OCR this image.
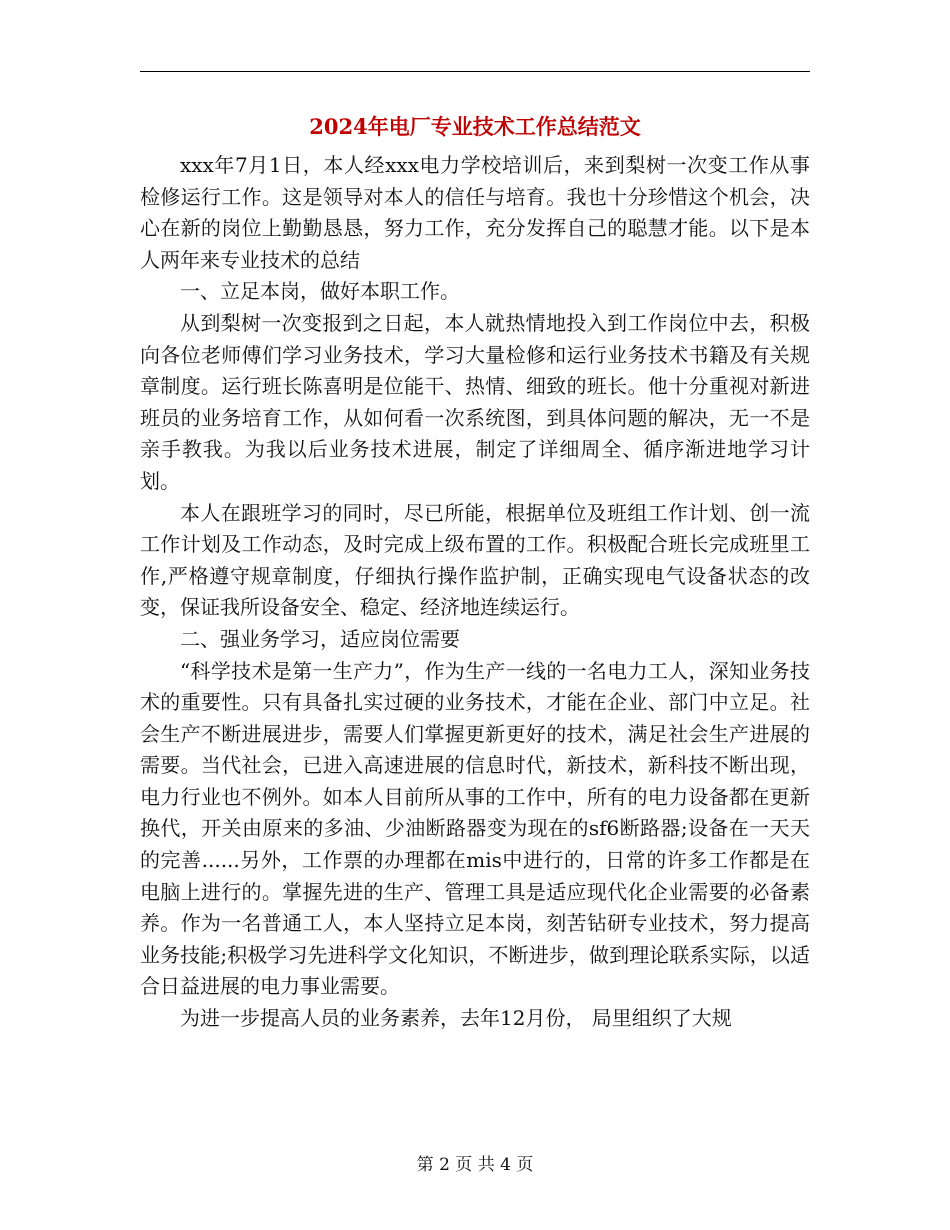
2024年电厂专业技术工作总结范文

xxx年7月1日，本人经xxx电力学校培训后，来到梨树一次变工作从事检修运行工作。这是领导对本人的信任与培育。我也十分珍惜这个机会，决心在新的岗位上勤勤恳恳，努力工作，充分发挥自己的聪慧才能。以下是本人两年来专业技术的总结

一、立足本岗，做好本职工作。

从到梨树一次变报到之日起，本人就热情地投入到工作岗位中去，积极向各位老师傅们学习业务技术，学习大量检修和运行业务技术书籍及有关规章制度。运行班长陈喜明是位能干、热情、细致的班长。他十分重视对新进班员的业务培育工作，从如何看一次系统图，到具体问题的解决，无一不是亲手教我。为我以后业务技术进展，制定了详细周全、循序渐进地学习计划。

本人在跟班学习的同时，尽已所能，根据单位及班组工作计划、创一流工作计划及工作动态，及时完成上级布置的工作。积极配合班长完成班里工作,严格遵守规章制度，仔细执行操作监护制，正确实现电气设备状态的改变，保证我所设备安全、稳定、经济地连续运行。

二、强业务学习，适应岗位需要

“科学技术是第一生产力”，作为生产一线的一名电力工人，深知业务技术的重要性。只有具备扎实过硬的业务技术，才能在企业、部门中立足。社会生产不断进展进步，需要人们掌握更新更好的技术，满足社会生产进展的需要。当代社会，已进入高速进展的信息时代，新技术，新科技不断出现，电力行业也不例外。如本人目前所从事的工作中，所有的电力设备都在更新换代，开关由原来的多油、少油断路器变为现在的sf6断路器;设备在一天天的完善......另外，工作票的办理都在mis中进行的，日常的许多工作都是在电脑上进行的。掌握先进的生产、管理工具是适应现代化企业需要的必备素养。作为一名普通工人，本人坚持立足本岗，刻苦钻研专业技术，努力提高业务技能;积极学习先进科学文化知识，不断进步，做到理论联系实际，以适合日益进展的电力事业需要。

为进一步提高人员的业务素养，去年12月份， 局里组织了大规

第 2 页 共 4 页
